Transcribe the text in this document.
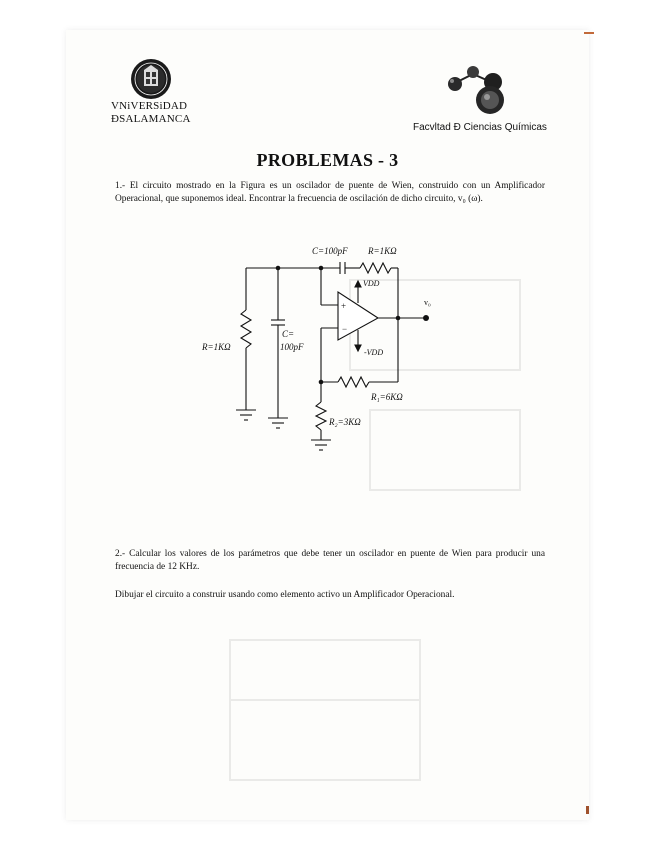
VNiVERSiDAD
ÐSALAMANCA
Facvltad Ð Ciencias Químicas
PROBLEMAS - 3
1.- El circuito mostrado en la Figura es un oscilador de puente de Wien, construido con un Amplificador Operacional, que suponemos ideal. Encontrar la frecuencia de oscilación de dicho circuito, v₀ (ω).
C=100pF R=1KΩ
VDD
-VDD
v₀
R=1KΩ
C=
100pF
R₁=6KΩ
R₂=3KΩ
+
−
2.- Calcular los valores de los parámetros que debe tener un oscilador en puente de Wien para producir una frecuencia de 12 KHz.
Dibujar el circuito a construir usando como elemento activo un Amplificador Operacional.
